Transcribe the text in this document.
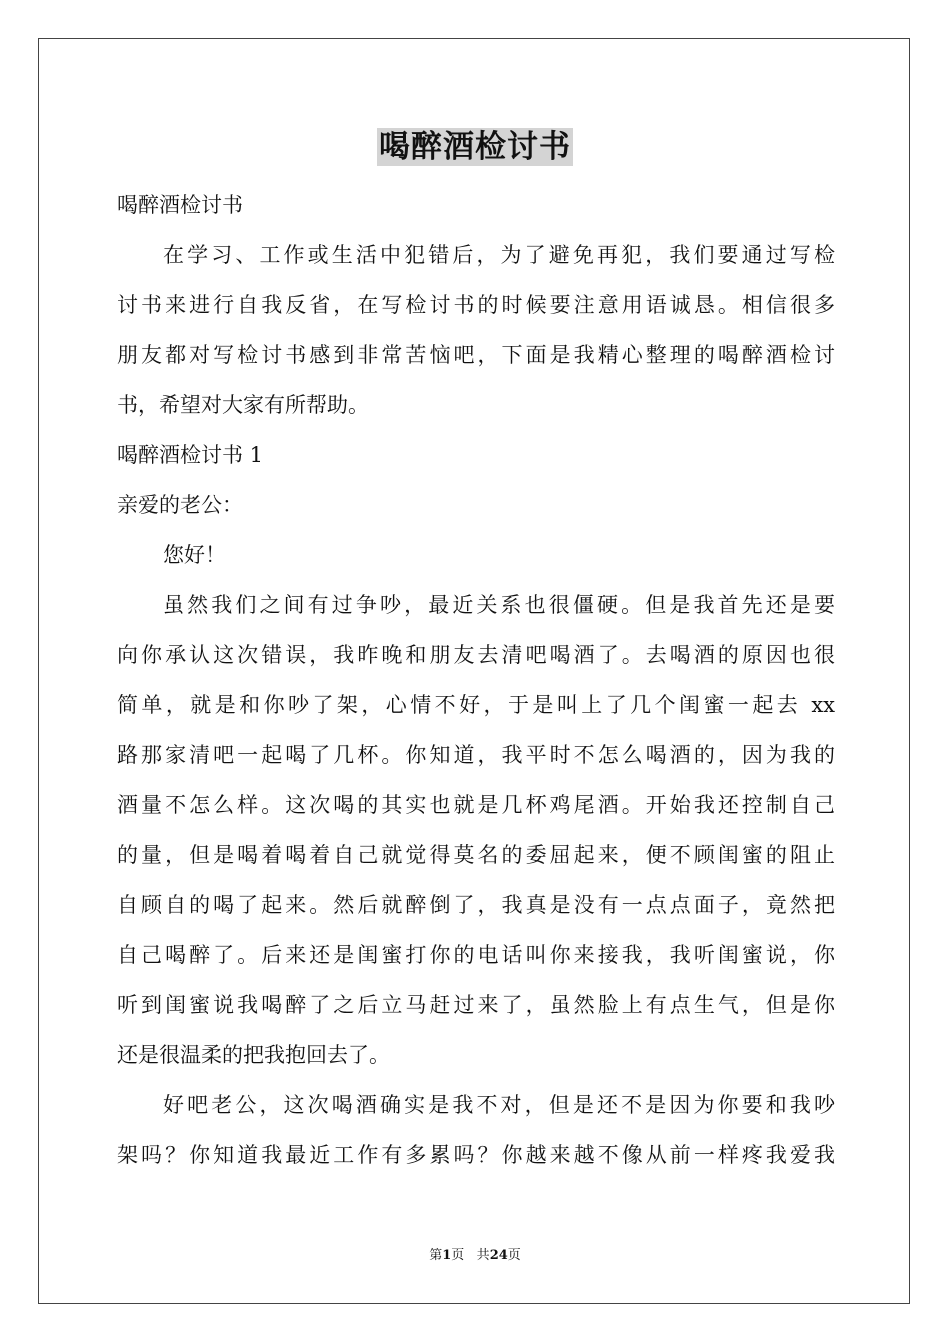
喝醉酒检讨书
喝醉酒检讨书
在学习、工作或生活中犯错后，为了避免再犯，我们要通过写检
讨书来进行自我反省，在写检讨书的时候要注意用语诚恳。相信很多
朋友都对写检讨书感到非常苦恼吧，下面是我精心整理的喝醉酒检讨
书，希望对大家有所帮助。
喝醉酒检讨书 1
亲爱的老公：
您好！
虽然我们之间有过争吵，最近关系也很僵硬。但是我首先还是要
向你承认这次错误，我昨晚和朋友去清吧喝酒了。去喝酒的原因也很
简单，就是和你吵了架，心情不好，于是叫上了几个闺蜜一起去 xx
路那家清吧一起喝了几杯。你知道，我平时不怎么喝酒的，因为我的
酒量不怎么样。这次喝的其实也就是几杯鸡尾酒。开始我还控制自己
的量，但是喝着喝着自己就觉得莫名的委屈起来，便不顾闺蜜的阻止
自顾自的喝了起来。然后就醉倒了，我真是没有一点点面子，竟然把
自己喝醉了。后来还是闺蜜打你的电话叫你来接我，我听闺蜜说，你
听到闺蜜说我喝醉了之后立马赶过来了，虽然脸上有点生气，但是你
还是很温柔的把我抱回去了。
好吧老公，这次喝酒确实是我不对，但是还不是因为你要和我吵
架吗？你知道我最近工作有多累吗？你越来越不像从前一样疼我爱我
第1页 共24页
